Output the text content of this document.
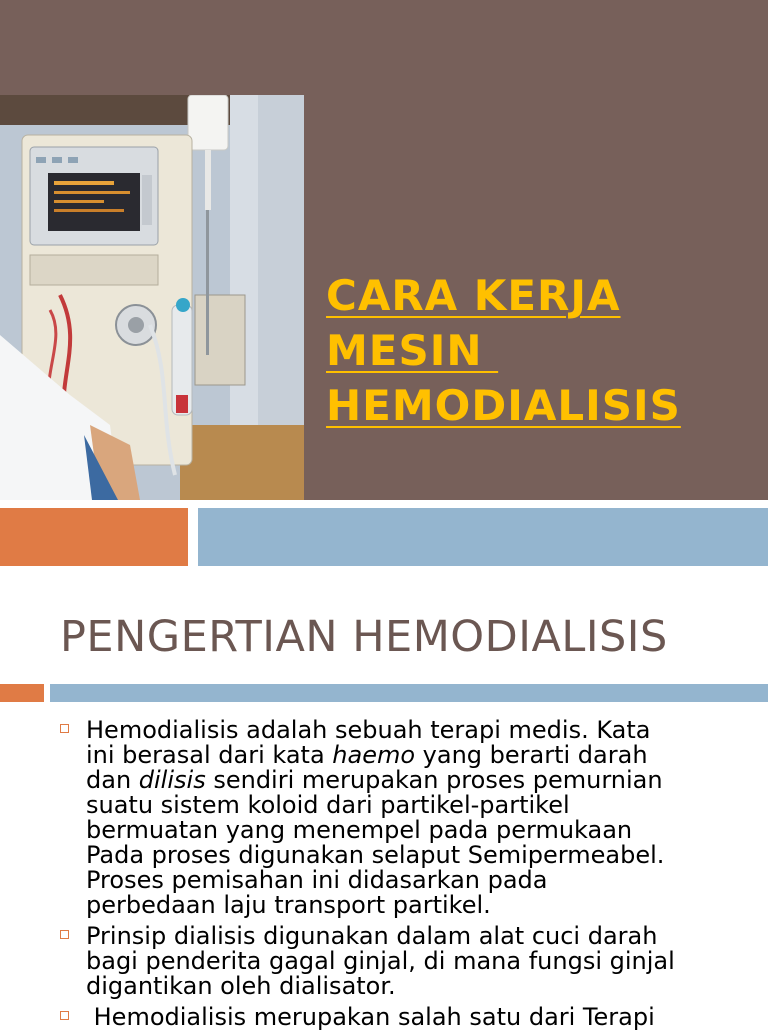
CARA KERJA
MESIN
HEMODIALISIS
PENGERTIAN HEMODIALISIS
Hemodialisis adalah sebuah terapi medis. Kata
ini berasal dari kata haemo yang berarti darah
dan dilisis sendiri merupakan proses pemurnian
suatu sistem koloid dari partikel-partikel
bermuatan yang menempel pada permukaan
Pada proses digunakan selaput Semipermeabel.
Proses pemisahan ini didasarkan pada
perbedaan laju transport partikel.
Prinsip dialisis digunakan dalam alat cuci darah
bagi penderita gagal ginjal, di mana fungsi ginjal
digantikan oleh dialisator.
Hemodialisis merupakan salah satu dari Terapi
